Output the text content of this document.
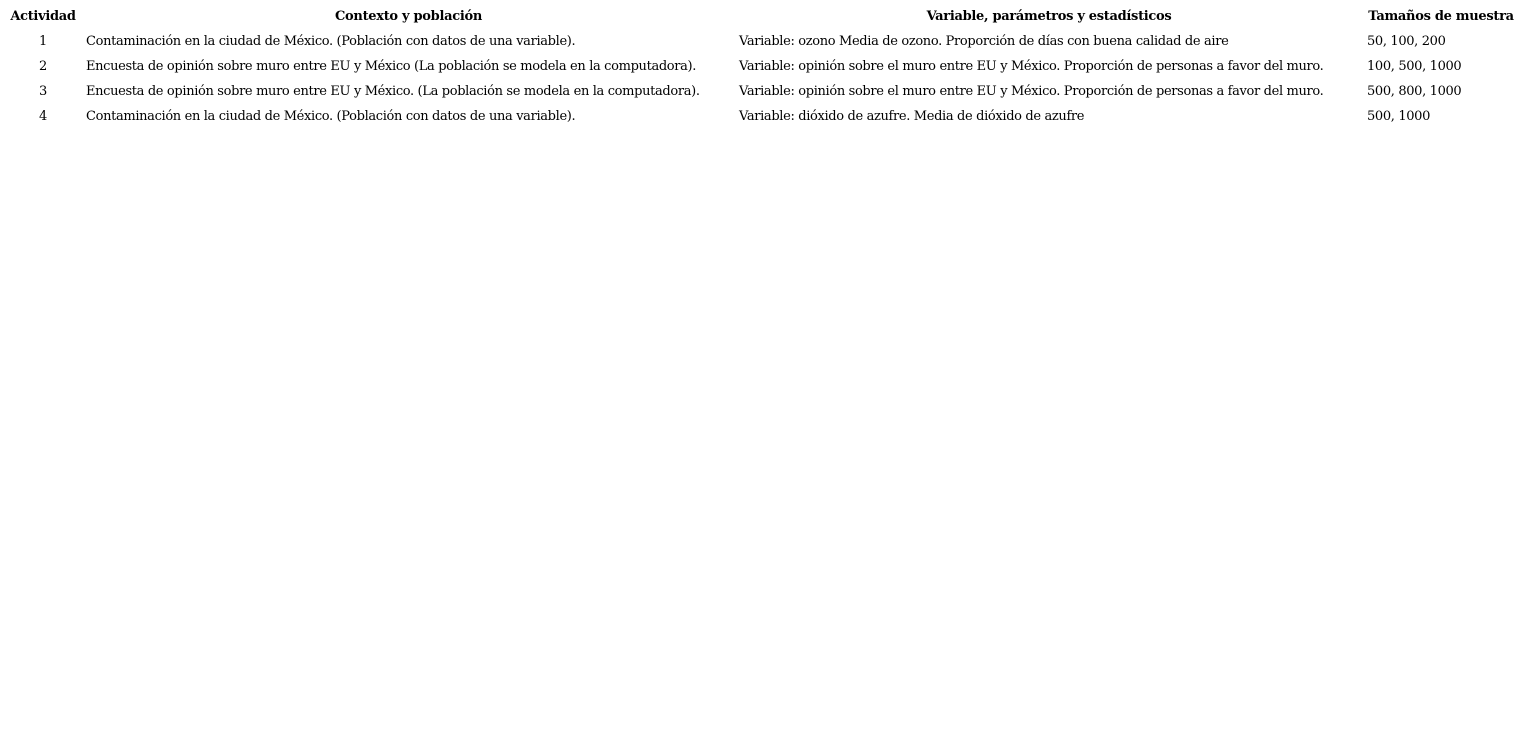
Actividad	Contexto y población	Variable, parámetros y estadísticos	Tamaños de muestra
1	Contaminación en la ciudad de México. (Población con datos de una variable).	Variable: ozono Media de ozono. Proporción de días con buena calidad de aire	50, 100, 200
2	Encuesta de opinión sobre muro entre EU y México (La población se modela en la computadora).	Variable: opinión sobre el muro entre EU y México. Proporción de personas a favor del muro.	100, 500, 1000
3	Encuesta de opinión sobre muro entre EU y México. (La población se modela en la computadora).	Variable: opinión sobre el muro entre EU y México. Proporción de personas a favor del muro.	500, 800, 1000
4	Contaminación en la ciudad de México. (Población con datos de una variable).	Variable: dióxido de azufre. Media de dióxido de azufre	500, 1000
